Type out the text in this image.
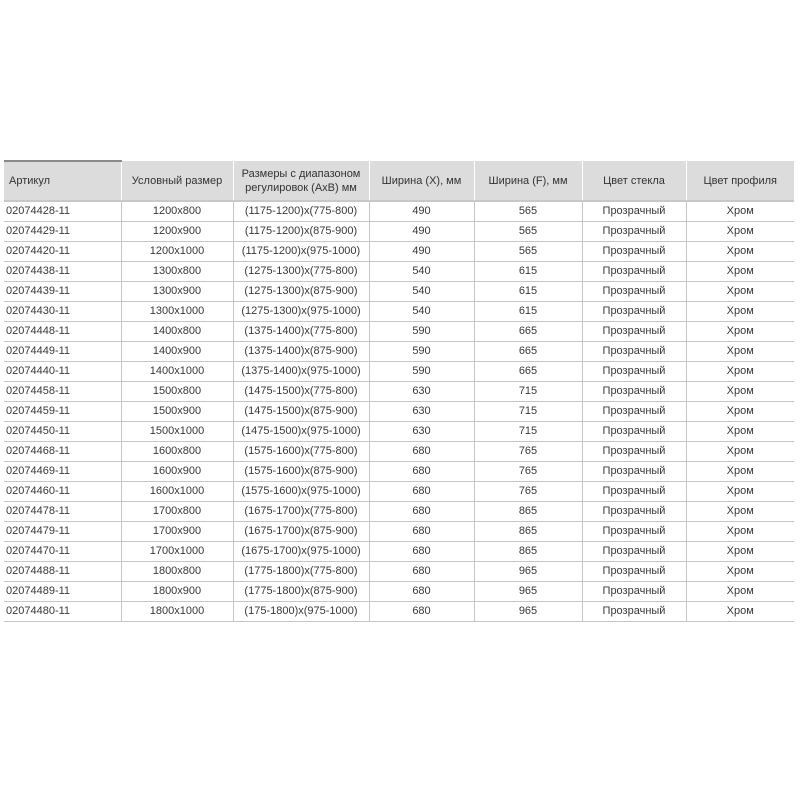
Артикул	Условный размер	Размеры с диапазоном регулировок (AxB) мм	Ширина (X), мм	Ширина (F), мм	Цвет стекла	Цвет профиля
02074428-11	1200x800	(1175-1200)x(775-800)	490	565	Прозрачный	Хром
02074429-11	1200x900	(1175-1200)x(875-900)	490	565	Прозрачный	Хром
02074420-11	1200x1000	(1175-1200)x(975-1000)	490	565	Прозрачный	Хром
02074438-11	1300x800	(1275-1300)x(775-800)	540	615	Прозрачный	Хром
02074439-11	1300x900	(1275-1300)x(875-900)	540	615	Прозрачный	Хром
02074430-11	1300x1000	(1275-1300)x(975-1000)	540	615	Прозрачный	Хром
02074448-11	1400x800	(1375-1400)x(775-800)	590	665	Прозрачный	Хром
02074449-11	1400x900	(1375-1400)x(875-900)	590	665	Прозрачный	Хром
02074440-11	1400x1000	(1375-1400)x(975-1000)	590	665	Прозрачный	Хром
02074458-11	1500x800	(1475-1500)x(775-800)	630	715	Прозрачный	Хром
02074459-11	1500x900	(1475-1500)x(875-900)	630	715	Прозрачный	Хром
02074450-11	1500x1000	(1475-1500)x(975-1000)	630	715	Прозрачный	Хром
02074468-11	1600x800	(1575-1600)x(775-800)	680	765	Прозрачный	Хром
02074469-11	1600x900	(1575-1600)x(875-900)	680	765	Прозрачный	Хром
02074460-11	1600x1000	(1575-1600)x(975-1000)	680	765	Прозрачный	Хром
02074478-11	1700x800	(1675-1700)x(775-800)	680	865	Прозрачный	Хром
02074479-11	1700x900	(1675-1700)x(875-900)	680	865	Прозрачный	Хром
02074470-11	1700x1000	(1675-1700)x(975-1000)	680	865	Прозрачный	Хром
02074488-11	1800x800	(1775-1800)x(775-800)	680	965	Прозрачный	Хром
02074489-11	1800x900	(1775-1800)x(875-900)	680	965	Прозрачный	Хром
02074480-11	1800x1000	(175-1800)x(975-1000)	680	965	Прозрачный	Хром
